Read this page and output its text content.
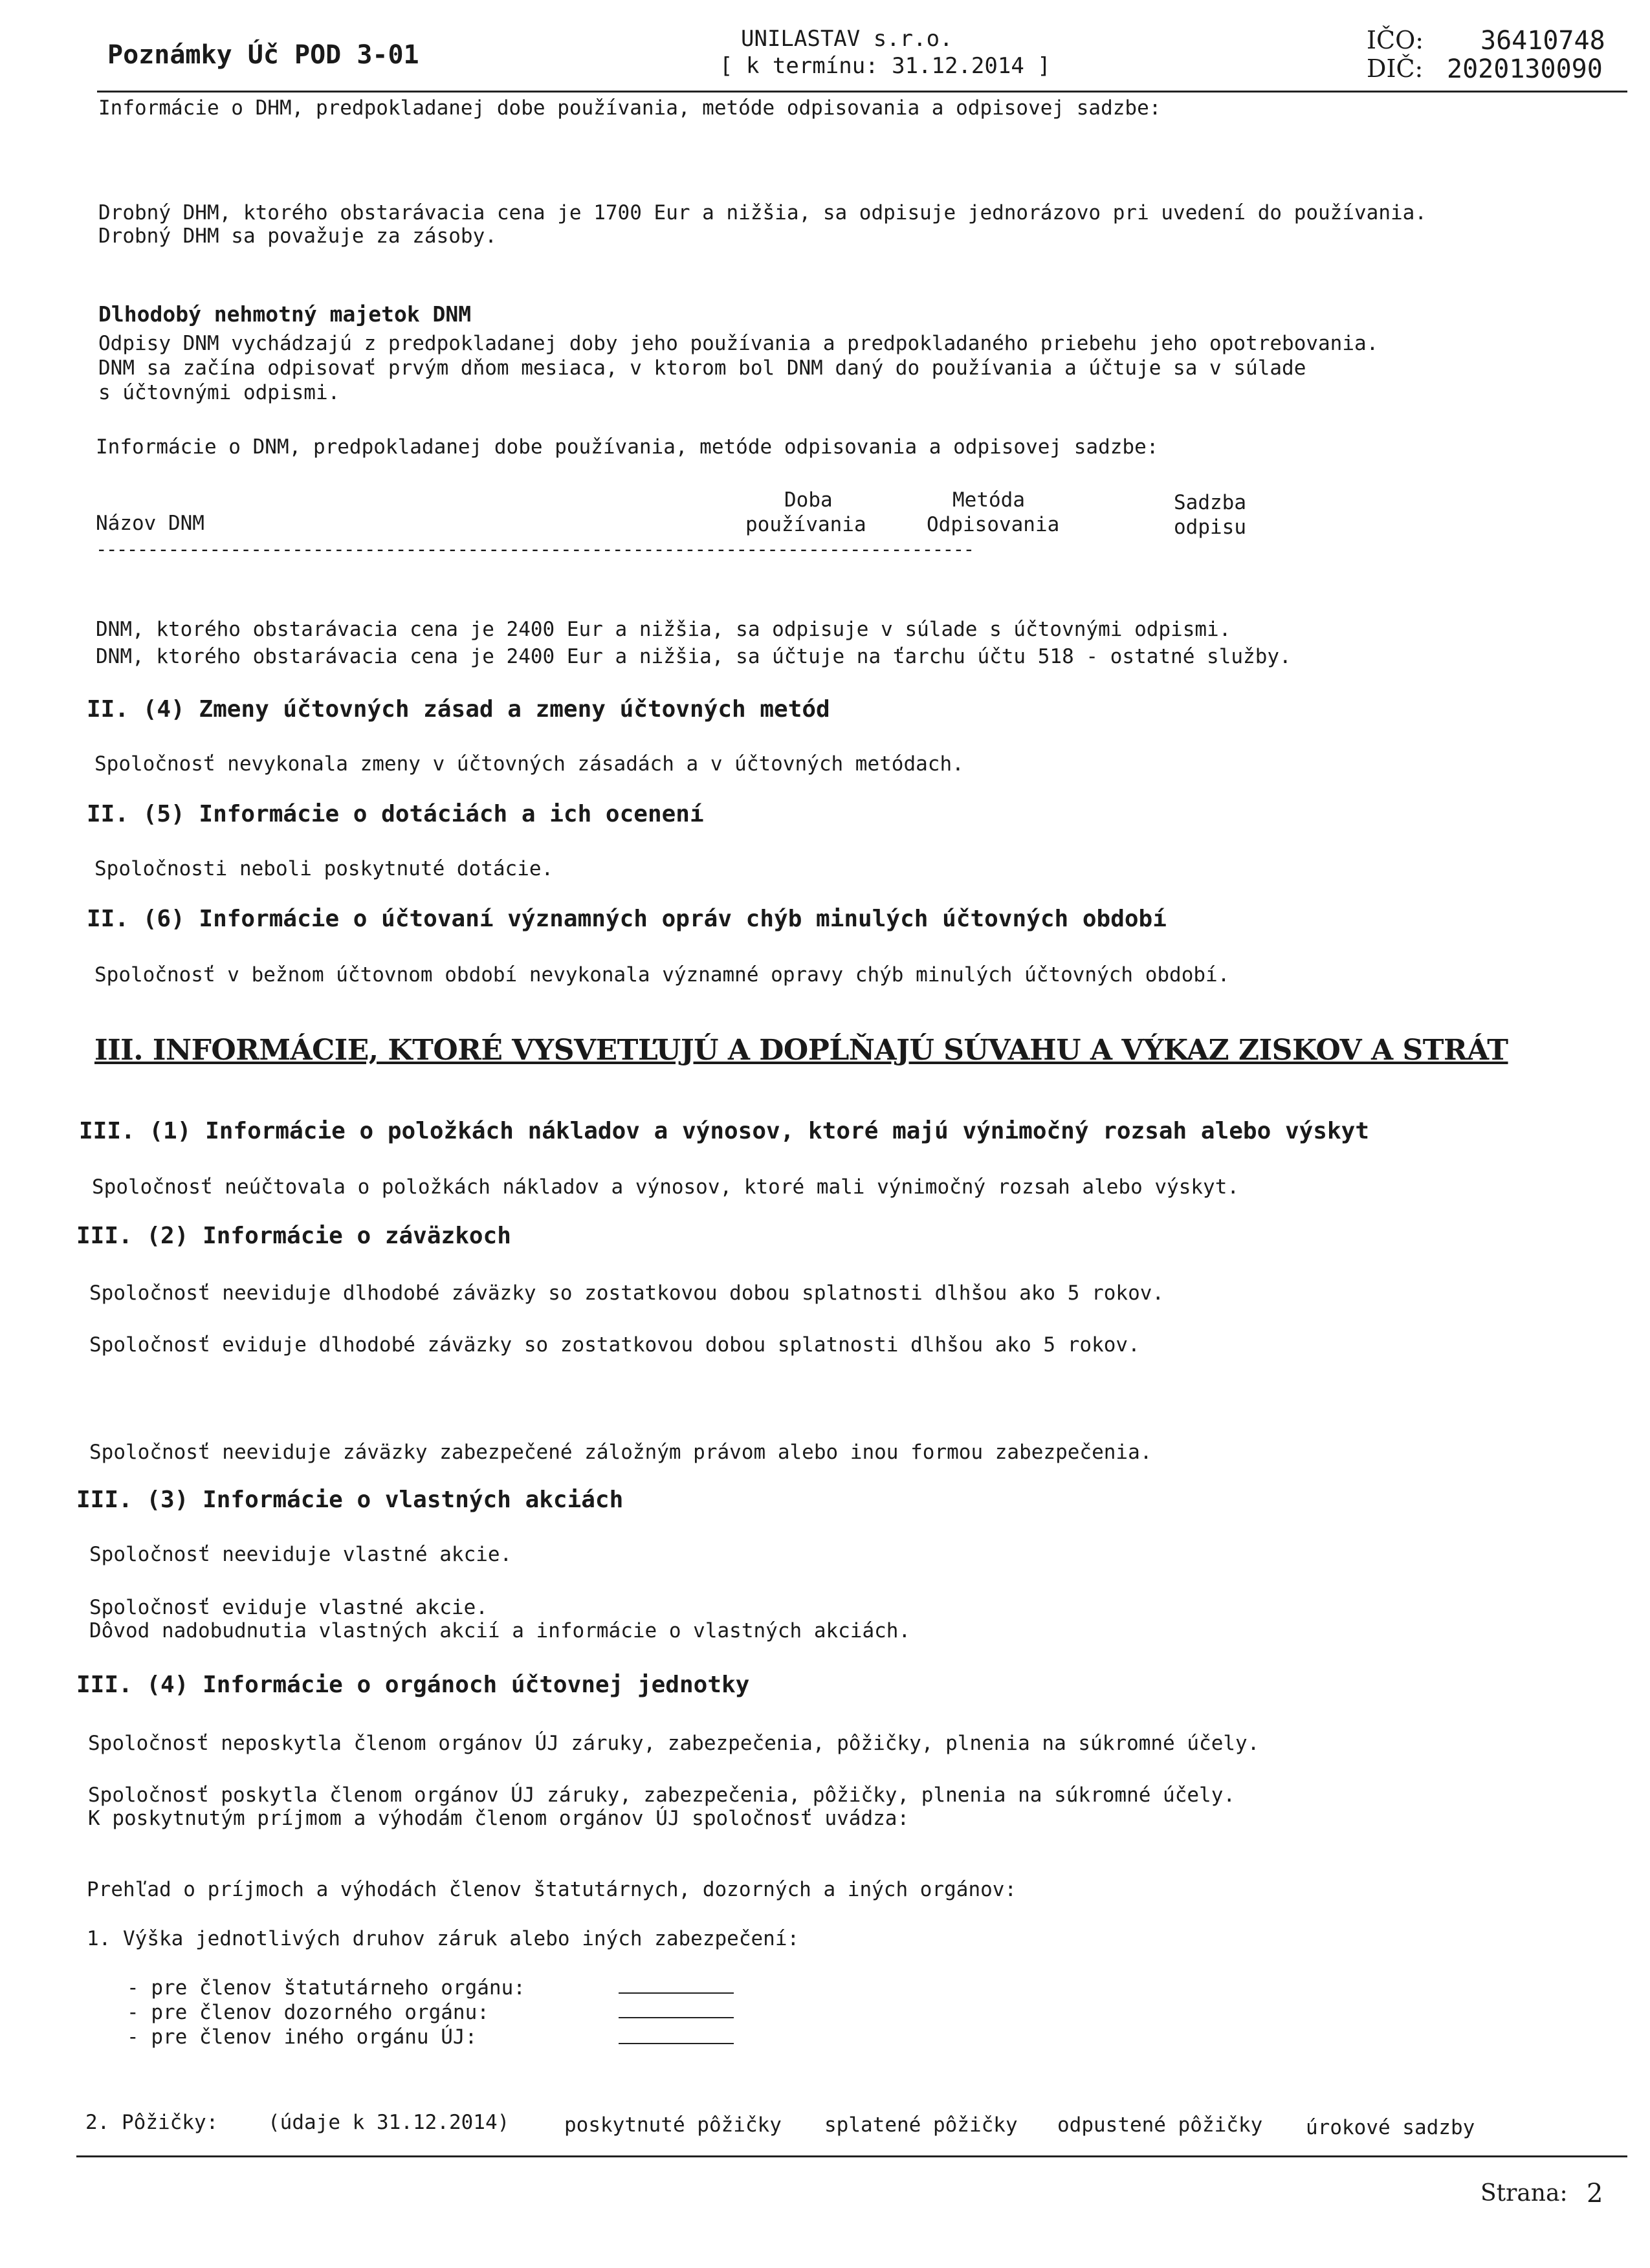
Poznámky Úč POD 3-01
UNILASTAV s.r.o.
[ k termínu: 31.12.2014 ]
IČO: 36410748
DIČ: 2020130090
Informácie o DHM, predpokladanej dobe používania, metóde odpisovania a odpisovej sadzbe:
Drobný DHM, ktorého obstarávacia cena je 1700 Eur a nižšia, sa odpisuje jednorázovo pri uvedení do používania.
Drobný DHM sa považuje za zásoby.
Dlhodobý nehmotný majetok DNM
Odpisy DNM vychádzajú z predpokladanej doby jeho používania a predpokladaného priebehu jeho opotrebovania.
DNM sa začína odpisovať prvým dňom mesiaca, v ktorom bol DNM daný do používania a účtuje sa v súlade
s účtovnými odpismi.
Informácie o DNM, predpokladanej dobe používania, metóde odpisovania a odpisovej sadzbe:
Doba	Metóda	Sadzba
Názov DNM	používania	Odpisovania	odpisu
-------------------------------------------------------------------------------------
DNM, ktorého obstarávacia cena je 2400 Eur a nižšia, sa odpisuje v súlade s účtovnými odpismi.
DNM, ktorého obstarávacia cena je 2400 Eur a nižšia, sa účtuje na ťarchu účtu 518 - ostatné služby.
II. (4) Zmeny účtovných zásad a zmeny účtovných metód
Spoločnosť nevykonala zmeny v účtovných zásadách a v účtovných metódach.
II. (5) Informácie o dotáciách a ich ocenení
Spoločnosti neboli poskytnuté dotácie.
II. (6) Informácie o účtovaní významných opráv chýb minulých účtovných období
Spoločnosť v bežnom účtovnom období nevykonala významné opravy chýb minulých účtovných období.
III. INFORMÁCIE, KTORÉ VYSVETĽUJÚ A DOPĹŇAJÚ SÚVAHU A VÝKAZ ZISKOV A STRÁT
III. (1) Informácie o položkách nákladov a výnosov, ktoré majú výnimočný rozsah alebo výskyt
Spoločnosť neúčtovala o položkách nákladov a výnosov, ktoré mali výnimočný rozsah alebo výskyt.
III. (2) Informácie o záväzkoch
Spoločnosť neeviduje dlhodobé záväzky so zostatkovou dobou splatnosti dlhšou ako 5 rokov.
Spoločnosť eviduje dlhodobé záväzky so zostatkovou dobou splatnosti dlhšou ako 5 rokov.
Spoločnosť neeviduje záväzky zabezpečené záložným právom alebo inou formou zabezpečenia.
III. (3) Informácie o vlastných akciách
Spoločnosť neeviduje vlastné akcie.
Spoločnosť eviduje vlastné akcie.
Dôvod nadobudnutia vlastných akcií a informácie o vlastných akciách.
III. (4) Informácie o orgánoch účtovnej jednotky
Spoločnosť neposkytla členom orgánov ÚJ záruky, zabezpečenia, pôžičky, plnenia na súkromné účely.
Spoločnosť poskytla členom orgánov ÚJ záruky, zabezpečenia, pôžičky, plnenia na súkromné účely.
K poskytnutým príjmom a výhodám členom orgánov ÚJ spoločnosť uvádza:
Prehľad o príjmoch a výhodách členov štatutárnych, dozorných a iných orgánov:
1. Výška jednotlivých druhov záruk alebo iných zabezpečení:
- pre členov štatutárneho orgánu:
- pre členov dozorného orgánu:
- pre členov iného orgánu ÚJ:
2. Pôžičky: (údaje k 31.12.2014)	poskytnuté pôžičky splatené pôžičky odpustené pôžičky úrokové sadzby
Strana: 2
